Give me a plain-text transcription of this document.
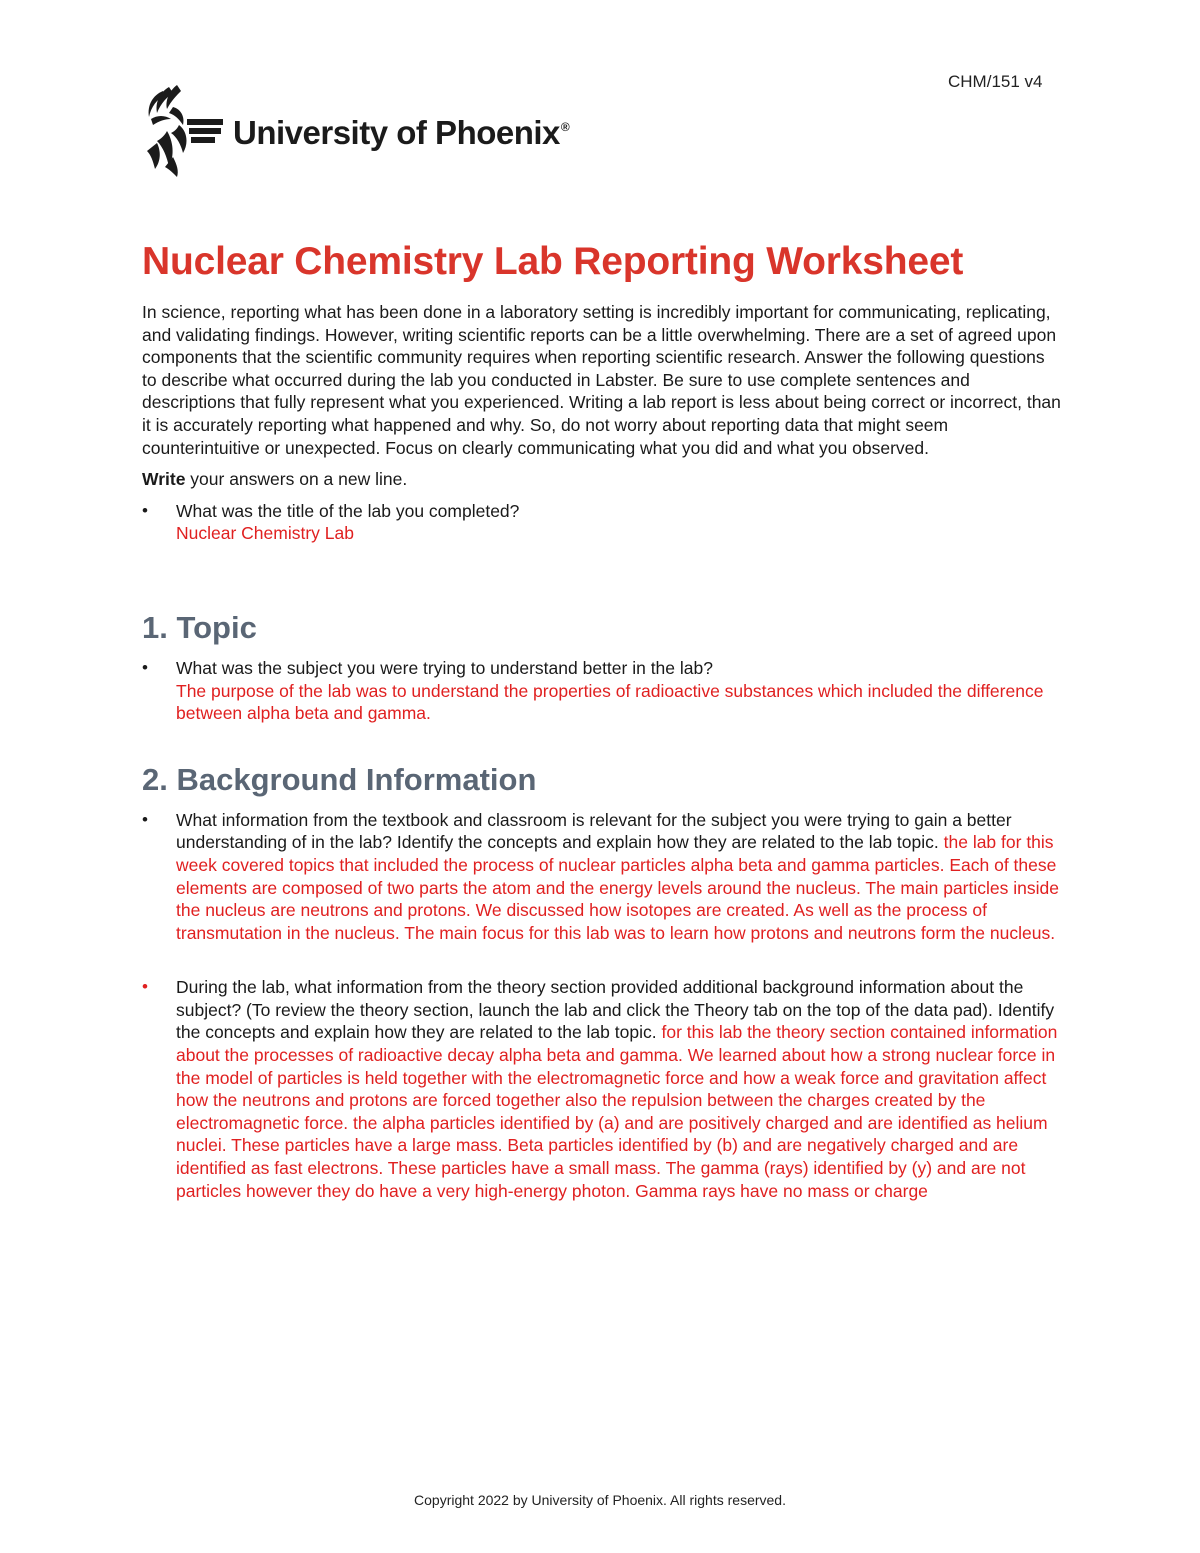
CHM/151 v4
University of Phoenix®
Nuclear Chemistry Lab Reporting Worksheet

In science, reporting what has been done in a laboratory setting is incredibly important for communicating, replicating, and validating findings. However, writing scientific reports can be a little overwhelming. There are a set of agreed upon components that the scientific community requires when reporting scientific research. Answer the following questions to describe what occurred during the lab you conducted in Labster. Be sure to use complete sentences and descriptions that fully represent what you experienced. Writing a lab report is less about being correct or incorrect, than it is accurately reporting what happened and why. So, do not worry about reporting data that might seem counterintuitive or unexpected. Focus on clearly communicating what you did and what you observed.

Write your answers on a new line.

•	What was the title of the lab you completed?
Nuclear Chemistry Lab
1. Topic
•	What was the subject you were trying to understand better in the lab?
The purpose of the lab was to understand the properties of radioactive substances which included the difference between alpha beta and gamma.
2. Background Information
•	What information from the textbook and classroom is relevant for the subject you were trying to gain a better understanding of in the lab? Identify the concepts and explain how they are related to the lab topic. the lab for this week covered topics that included the process of nuclear particles alpha beta and gamma particles. Each of these elements are composed of two parts the atom and the energy levels around the nucleus. The main particles inside the nucleus are neutrons and protons. We discussed how isotopes are created. As well as the process of transmutation in the nucleus. The main focus for this lab was to learn how protons and neutrons form the nucleus.
•	During the lab, what information from the theory section provided additional background information about the subject? (To review the theory section, launch the lab and click the Theory tab on the top of the data pad). Identify the concepts and explain how they are related to the lab topic. for this lab the theory section contained information about the processes of radioactive decay alpha beta and gamma. We learned about how a strong nuclear force in the model of particles is held together with the electromagnetic force and how a weak force and gravitation affect how the neutrons and protons are forced together also the repulsion between the charges created by the electromagnetic force. the alpha particles identified by (a) and are positively charged and are identified as helium nuclei. These particles have a large mass. Beta particles identified by (b) and are negatively charged and are identified as fast electrons. These particles have a small mass. The gamma (rays) identified by (y) and are not particles however they do have a very high-energy photon. Gamma rays have no mass or charge
Copyright 2022 by University of Phoenix. All rights reserved.
